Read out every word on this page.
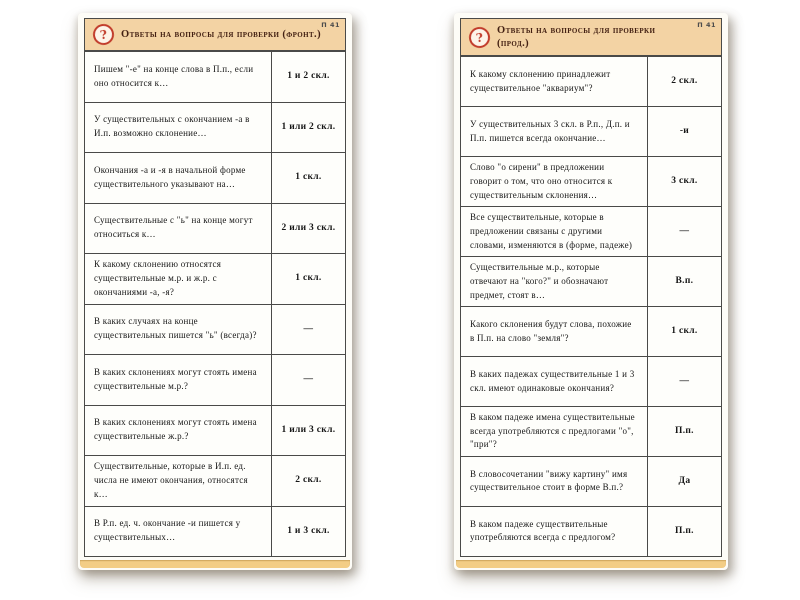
?	Ответы на вопросы для проверки (фронт.)
П 41
Пишем "-е" на конце слова в П.п., если оно относится к…
1 и 2 скл.
У существительных с окончанием -а в И.п. возможно склонение…
1 или 2 скл.
Окончания -а и -я в начальной форме существительного указывают на…
1 скл.
Существительные с "ь" на конце могут относиться к…
2 или 3 скл.
К какому склонению относятся существительные м.р. и ж.р. с окончаниями -а, -я?
1 скл.
В каких случаях на конце существительных пишется "ь" (всегда)?
—
В каких склонениях могут стоять имена существительные м.р.?
—
В каких склонениях могут стоять имена существительные ж.р.?
1 или 3 скл.
Существительные, которые в И.п. ед. числа не имеют окончания, относятся к…
2 скл.
В Р.п. ед. ч. окончание -и пишется у существительных…
1 и 3 скл.
?	Ответы на вопросы для проверки (прод.)
П 41
К какому склонению принадлежит существительное "аквариум"?
2 скл.
У существительных 3 скл. в Р.п., Д.п. и П.п. пишется всегда окончание…
-и
Слово "о сирени" в предложении говорит о том, что оно относится к существительным склонения…
3 скл.
Все существительные, которые в предложении связаны с другими словами, изменяются в (форме, падеже)
—
Существительные м.р., которые отвечают на "кого?" и обозначают предмет, стоят в…
В.п.
Какого склонения будут слова, похожие в П.п. на слово "земля"?
1 скл.
В каких падежах существительные 1 и 3 скл. имеют одинаковые окончания?
—
В каком падеже имена существительные всегда употребляются с предлогами "о", "при"?
П.п.
В словосочетании "вижу картину" имя существительное стоит в форме В.п.?
Да
В каком падеже существительные употребляются всегда с предлогом?
П.п.
